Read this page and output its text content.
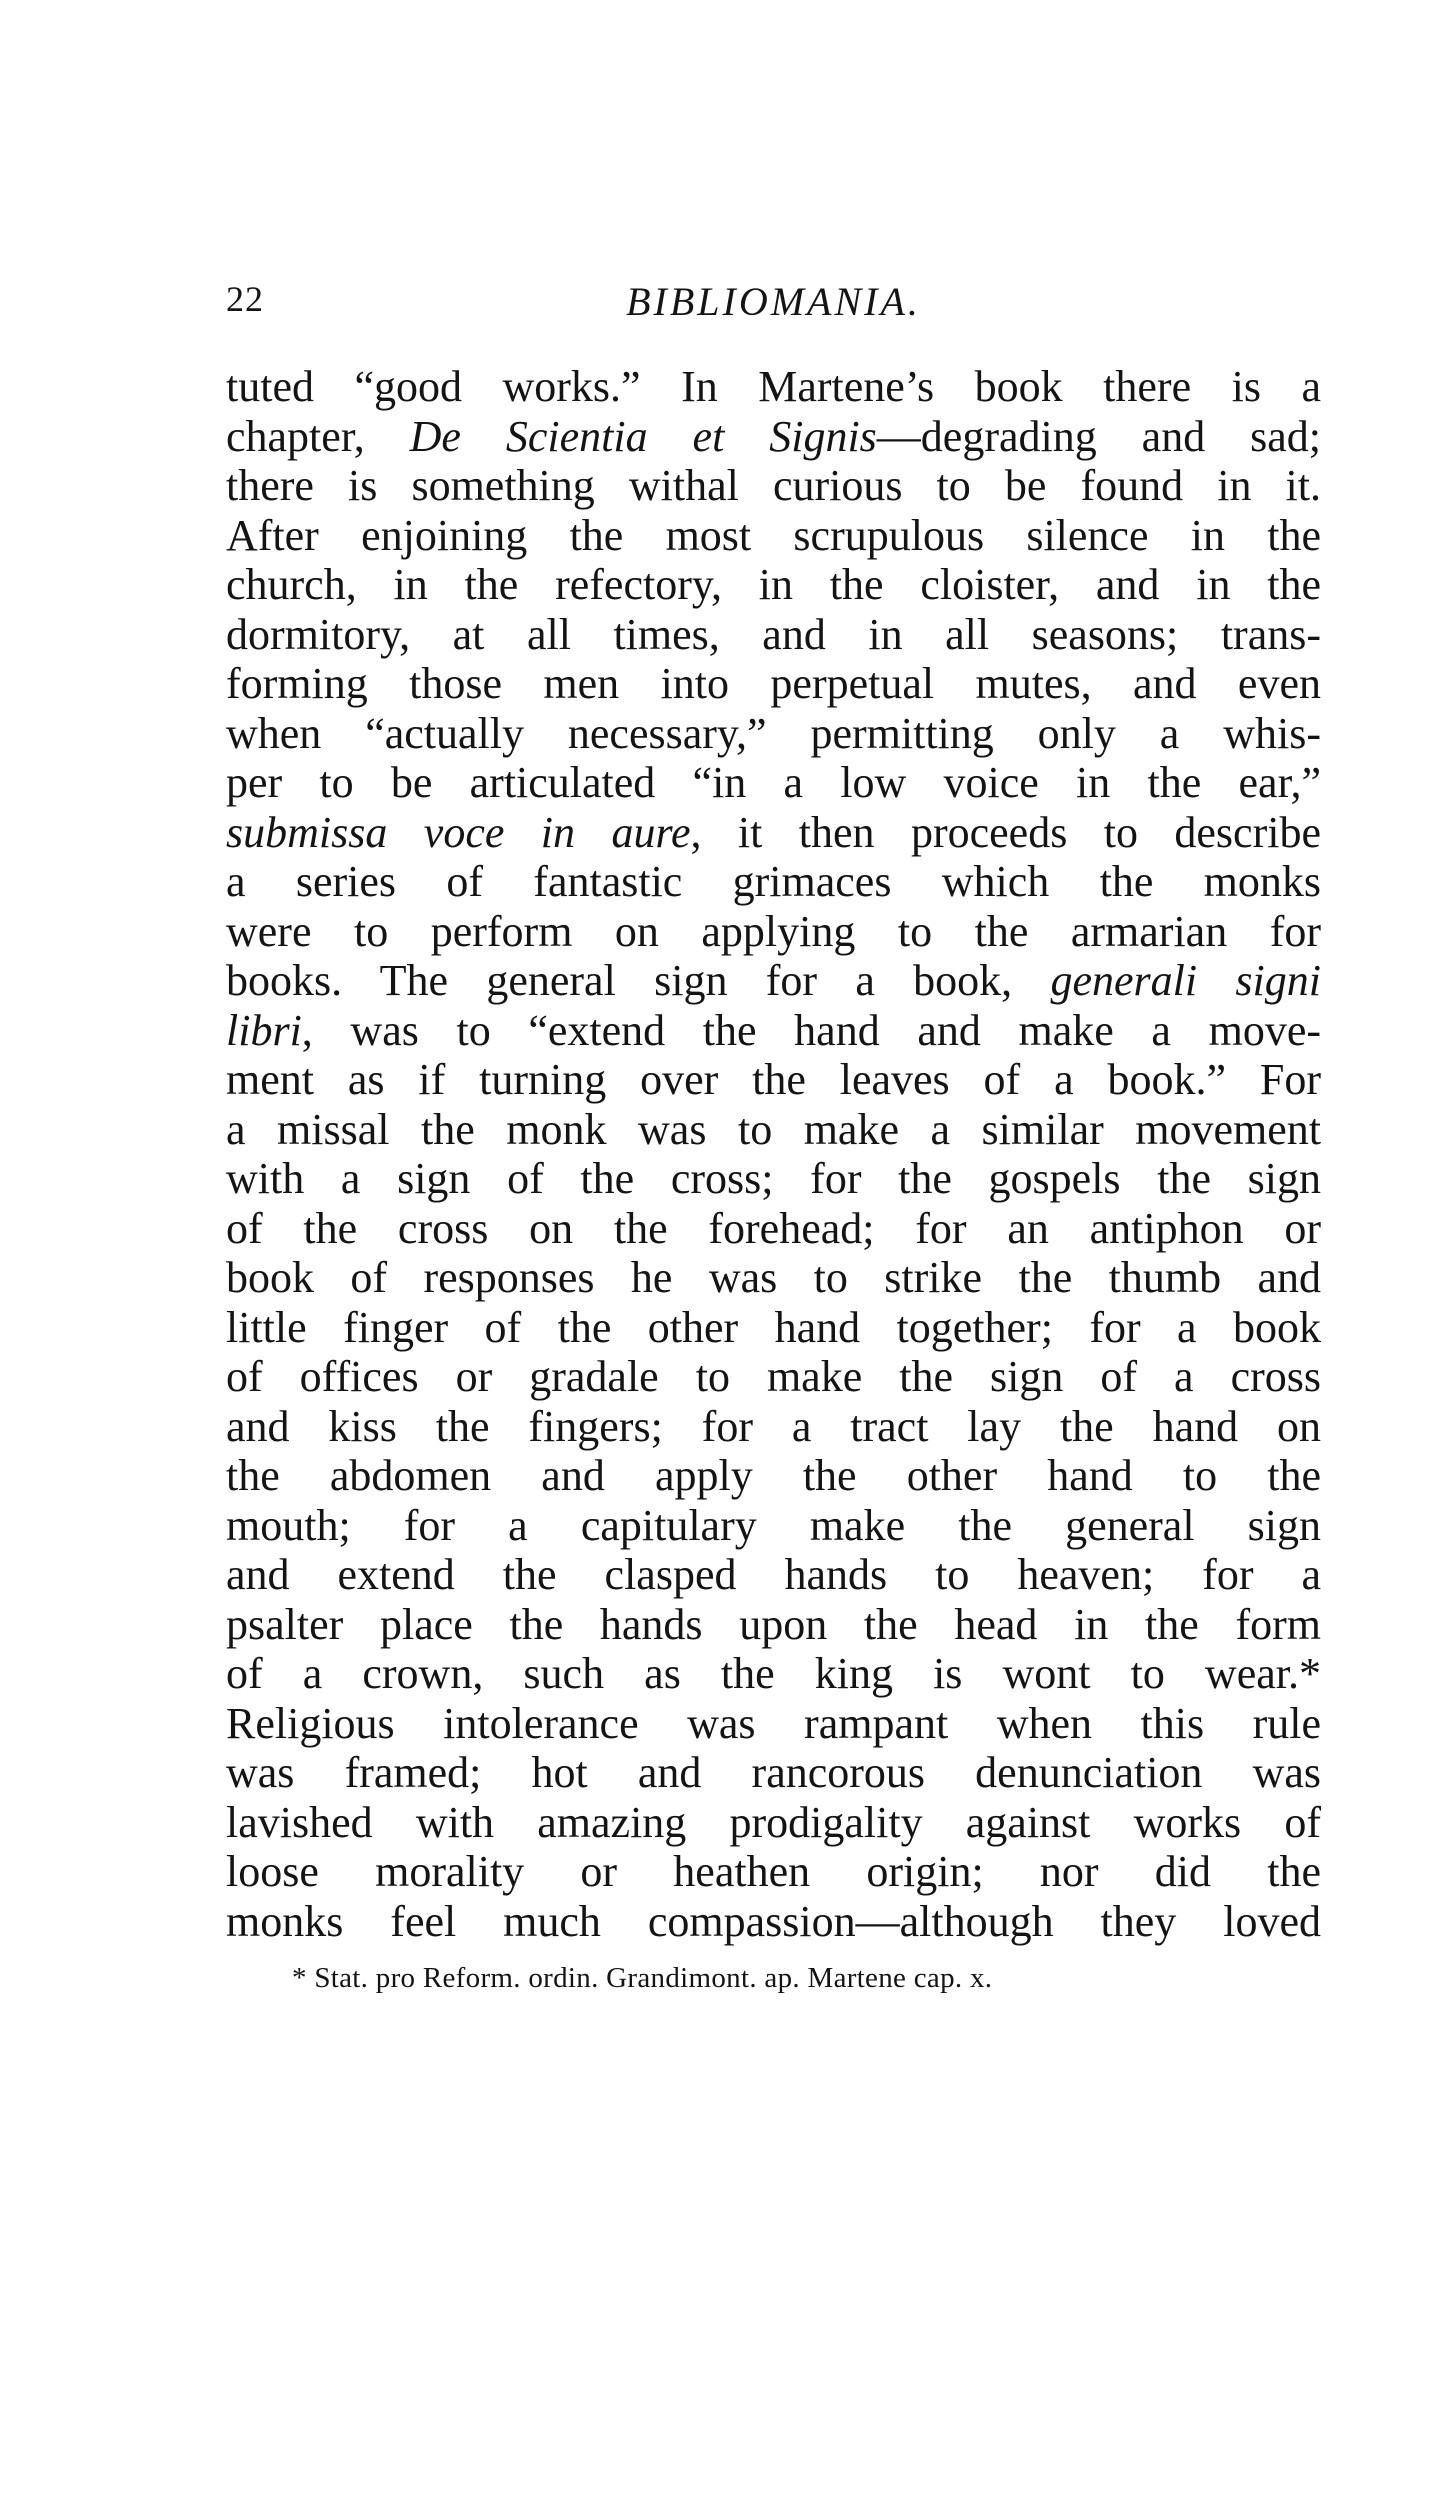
22	BIBLIOMANIA.
tuted “good works.” In Martene’s book there is a
chapter, De Scientia et Signis—degrading and sad;
there is something withal curious to be found in it.
After enjoining the most scrupulous silence in the
church, in the refectory, in the cloister, and in the
dormitory, at all times, and in all seasons; trans-
forming those men into perpetual mutes, and even
when “actually necessary,” permitting only a whis-
per to be articulated “in a low voice in the ear,”
submissa voce in aure, it then proceeds to describe
a series of fantastic grimaces which the monks
were to perform on applying to the armarian for
books. The general sign for a book, generali signi
libri, was to “extend the hand and make a move-
ment as if turning over the leaves of a book.” For
a missal the monk was to make a similar movement
with a sign of the cross; for the gospels the sign
of the cross on the forehead; for an antiphon or
book of responses he was to strike the thumb and
little finger of the other hand together; for a book
of offices or gradale to make the sign of a cross
and kiss the fingers; for a tract lay the hand on
the abdomen and apply the other hand to the
mouth; for a capitulary make the general sign
and extend the clasped hands to heaven; for a
psalter place the hands upon the head in the form
of a crown, such as the king is wont to wear.*
Religious intolerance was rampant when this rule
was framed; hot and rancorous denunciation was
lavished with amazing prodigality against works of
loose morality or heathen origin; nor did the
monks feel much compassion—although they loved
* Stat. pro Reform. ordin. Grandimont. ap. Martene cap. x.
